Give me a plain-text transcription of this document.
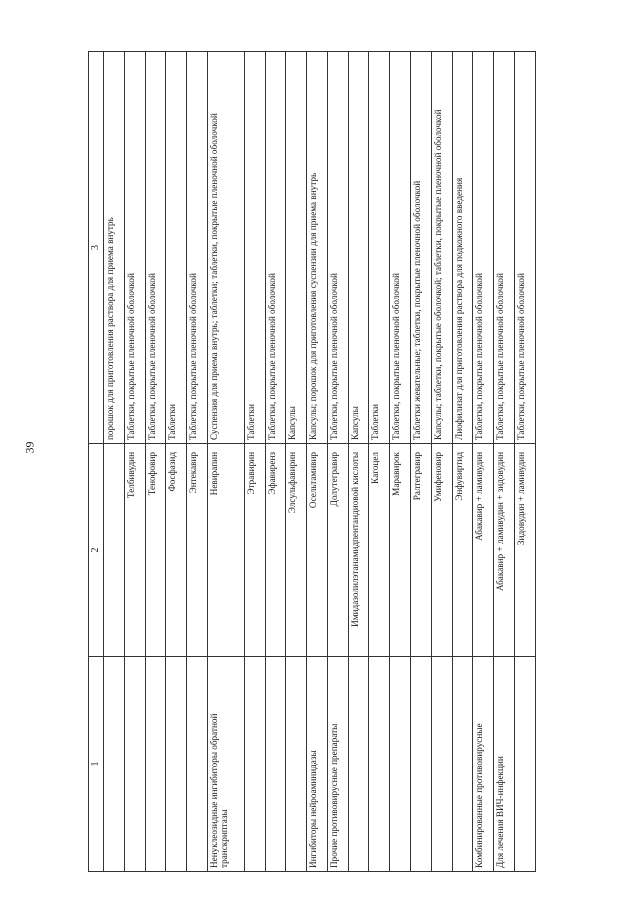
39
1	2	3
		порошок для приготовления раствора для приема внутрь
	Телбивудин	Таблетки, покрытые пленочной оболочкой
	Тенофовир	Таблетки, покрытые пленочной оболочкой
	Фосфазид	Таблетки
	Энтекавир	Таблетки, покрытые пленочной оболочкой
Ненуклеозидные ингибиторы обратной транскриптазы	Невирапин	Суспензия для приема внутрь; таблетки; таблетки, покрытые пленочной оболочкой
	Этравирин	Таблетки
	Эфавиренз	Таблетки, покрытые пленочной оболочкой
	Элсульфавирин	Капсулы
Ингибиторы нейроаминидазы	Осельтамивир	Капсулы; порошок для приготовления суспензии для приема внутрь
Прочие противовирусные препараты	Долутегравир	Таблетки, покрытые пленочной оболочкой
	Имидазолилэтанамидпентандиовой кислоты	Капсулы
	Кагоцел	Таблетки
	Маравирок	Таблетки, покрытые пленочной оболочкой
	Ралтегравир	Таблетки жевательные; таблетки, покрытые пленочной оболочкой
	Умифеновир	Капсулы; таблетки, покрытые оболочкой; таблетки, покрытые пленочной оболочкой
	Энфувиртид	Лиофилизат для приготовления раствора для подкожного введения
Комбинированные противовирусные	Абакавир + ламивудин	Таблетки, покрытые пленочной оболочкой
Для лечения ВИЧ-инфекции	Абакавир + ламивудин + зидовудин	Таблетки, покрытые пленочной оболочкой
	Зидовудин + ламивудин	Таблетки, покрытые пленочной оболочкой
